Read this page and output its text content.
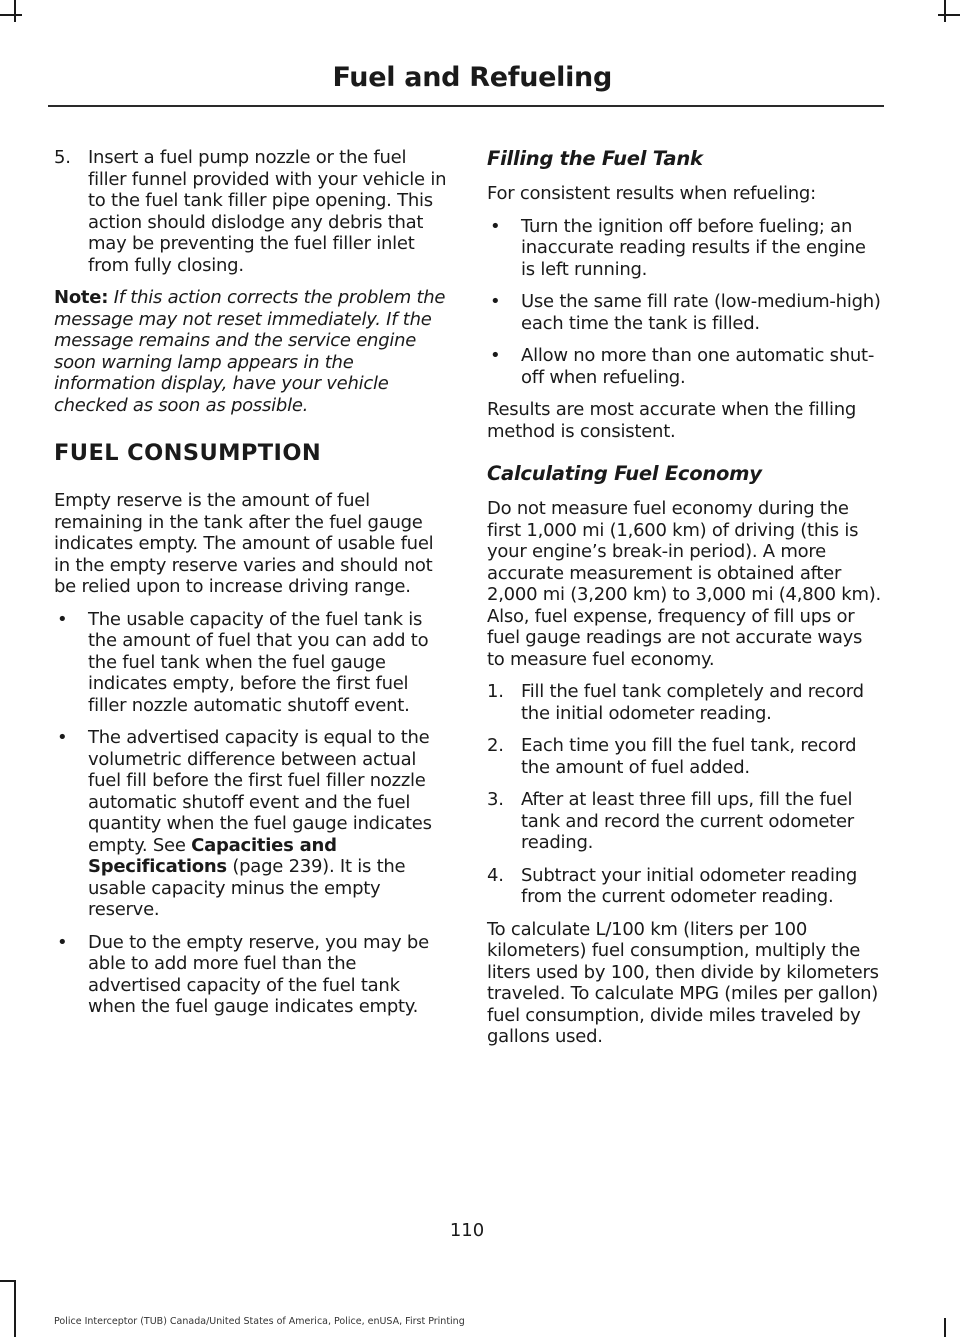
Fuel and Refueling
5. Insert a fuel pump nozzle or the fuel filler funnel provided with your vehicle in to the fuel tank filler pipe opening. This action should dislodge any debris that may be preventing the fuel filler inlet from fully closing.

Note: If this action corrects the problem the message may not reset immediately. If the message remains and the service engine soon warning lamp appears in the information display, have your vehicle checked as soon as possible.

FUEL CONSUMPTION

Empty reserve is the amount of fuel remaining in the tank after the fuel gauge indicates empty. The amount of usable fuel in the empty reserve varies and should not be relied upon to increase driving range.

• The usable capacity of the fuel tank is the amount of fuel that you can add to the fuel tank when the fuel gauge indicates empty, before the first fuel filler nozzle automatic shutoff event.
• The advertised capacity is equal to the volumetric difference between actual fuel fill before the first fuel filler nozzle automatic shutoff event and the fuel quantity when the fuel gauge indicates empty. See Capacities and Specifications (page 239). It is the usable capacity minus the empty reserve.
• Due to the empty reserve, you may be able to add more fuel than the advertised capacity of the fuel tank when the fuel gauge indicates empty.
Filling the Fuel Tank

For consistent results when refueling:

• Turn the ignition off before fueling; an inaccurate reading results if the engine is left running.
• Use the same fill rate (low-medium-high) each time the tank is filled.
• Allow no more than one automatic shut-off when refueling.

Results are most accurate when the filling method is consistent.

Calculating Fuel Economy

Do not measure fuel economy during the first 1,000 mi (1,600 km) of driving (this is your engine’s break-in period). A more accurate measurement is obtained after 2,000 mi (3,200 km) to 3,000 mi (4,800 km). Also, fuel expense, frequency of fill ups or fuel gauge readings are not accurate ways to measure fuel economy.

1. Fill the fuel tank completely and record the initial odometer reading.
2. Each time you fill the fuel tank, record the amount of fuel added.
3. After at least three fill ups, fill the fuel tank and record the current odometer reading.
4. Subtract your initial odometer reading from the current odometer reading.

To calculate L/100 km (liters per 100 kilometers) fuel consumption, multiply the liters used by 100, then divide by kilometers traveled. To calculate MPG (miles per gallon) fuel consumption, divide miles traveled by gallons used.

110
Police Interceptor (TUB) Canada/United States of America, Police, enUSA, First Printing
